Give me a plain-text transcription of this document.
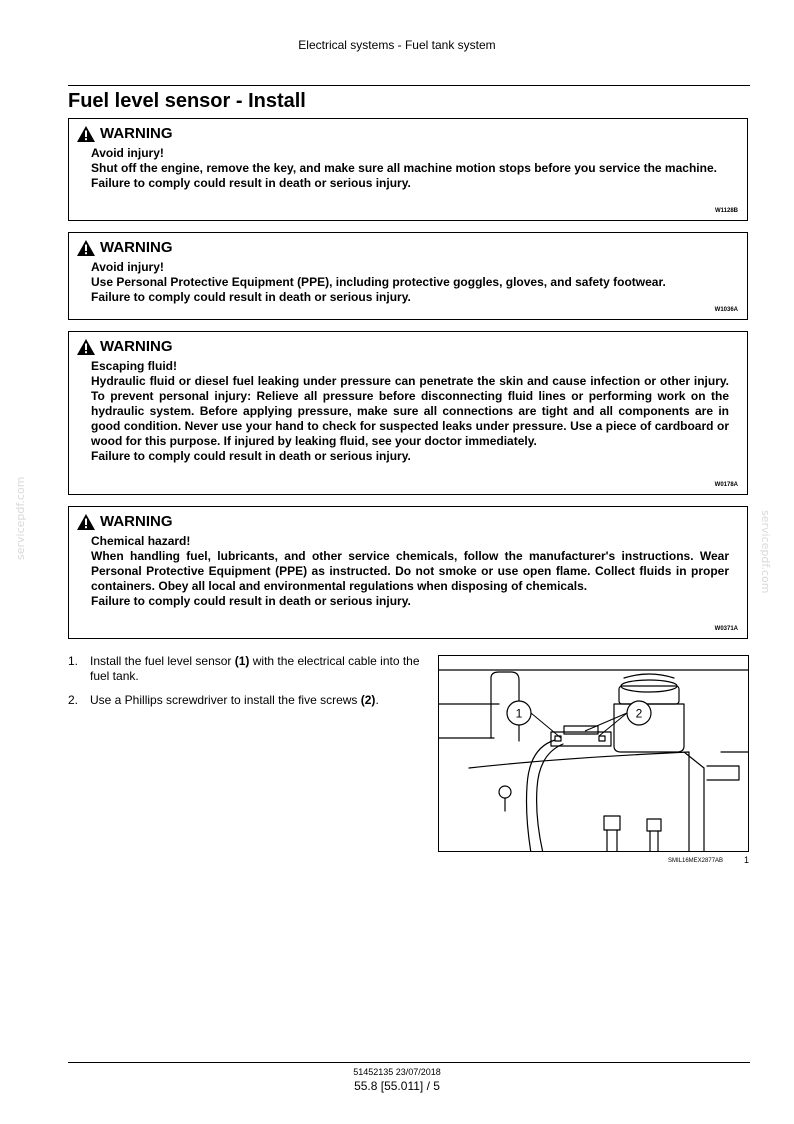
Electrical systems - Fuel tank system
Fuel level sensor - Install
WARNING
Avoid injury!
Shut off the engine, remove the key, and make sure all machine motion stops before you service the machine.
Failure to comply could result in death or serious injury.
W1128B
WARNING
Avoid injury!
Use Personal Protective Equipment (PPE), including protective goggles, gloves, and safety footwear.
Failure to comply could result in death or serious injury.
W1036A
WARNING
Escaping fluid!
Hydraulic fluid or diesel fuel leaking under pressure can penetrate the skin and cause infection or other injury. To prevent personal injury: Relieve all pressure before disconnecting fluid lines or performing work on the hydraulic system. Before applying pressure, make sure all connections are tight and all components are in good condition. Never use your hand to check for suspected leaks under pressure. Use a piece of cardboard or wood for this purpose. If injured by leaking fluid, see your doctor immediately.
Failure to comply could result in death or serious injury.
W0178A
WARNING
Chemical hazard!
When handling fuel, lubricants, and other service chemicals, follow the manufacturer's instructions. Wear Personal Protective Equipment (PPE) as instructed. Do not smoke or use open flame. Collect fluids in proper containers. Obey all local and environmental regulations when disposing of chemicals.
Failure to comply could result in death or serious injury.
W0371A
1. Install the fuel level sensor (1) with the electrical cable into the fuel tank.
2. Use a Phillips screwdriver to install the five screws (2).
1	2
SMIL16MEX2877AB 1
servicepdf.com	servicepdf.com
51452135 23/07/2018
55.8 [55.011] / 5
